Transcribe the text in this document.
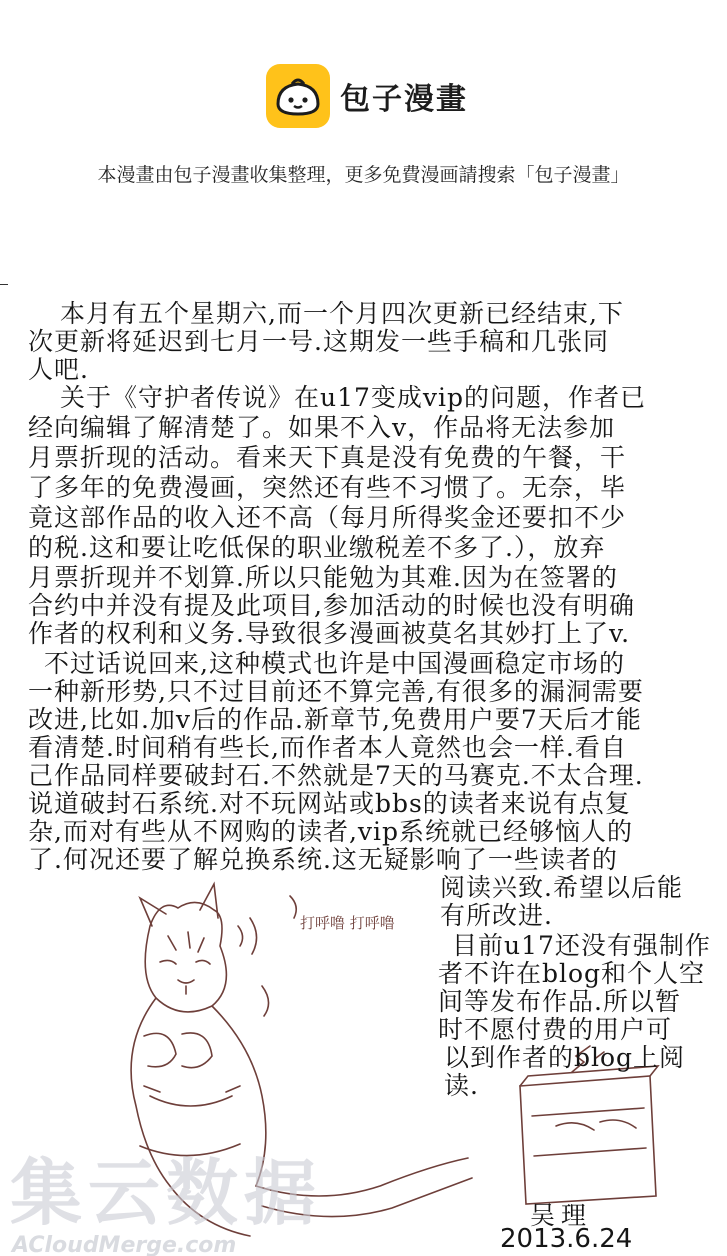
包子漫畫
本漫畫由包子漫畫收集整理，更多免費漫画請搜索「包子漫畫」
打呼噜 打呼噜
本月有五个星期六,而一个月四次更新已经结束,下
次更新将延迟到七月一号.这期发一些手稿和几张同
人吧.
关于《守护者传说》在u17变成vip的问题，作者已
经向编辑了解清楚了。如果不入v，作品将无法参加
月票折现的活动。看来天下真是没有免费的午餐，干
了多年的免费漫画，突然还有些不习惯了。无奈，毕
竟这部作品的收入还不高（每月所得奖金还要扣不少
的税.这和要让吃低保的职业缴税差不多了.），放弃
月票折现并不划算.所以只能勉为其难.因为在签署的
合约中并没有提及此项目,参加活动的时候也没有明确
作者的权利和义务.导致很多漫画被莫名其妙打上了v.
不过话说回来,这种模式也许是中国漫画稳定市场的
一种新形势,只不过目前还不算完善,有很多的漏洞需要
改进,比如.加v后的作品.新章节,免费用户要7天后才能
看清楚.时间稍有些长,而作者本人竟然也会一样.看自
己作品同样要破封石.不然就是7天的马赛克.不太合理.
说道破封石系统.对不玩网站或bbs的读者来说有点复
杂,而对有些从不网购的读者,vip系统就已经够恼人的
了.何况还要了解兑换系统.这无疑影响了一些读者的
阅读兴致.希望以后能
有所改进.
目前u17还没有强制作
者不许在blog和个人空
间等发布作品.所以暂
时不愿付费的用户可
以到作者的blog上阅
读.
吴理
2013.6.24
集云数据
ACloudMerge.com
